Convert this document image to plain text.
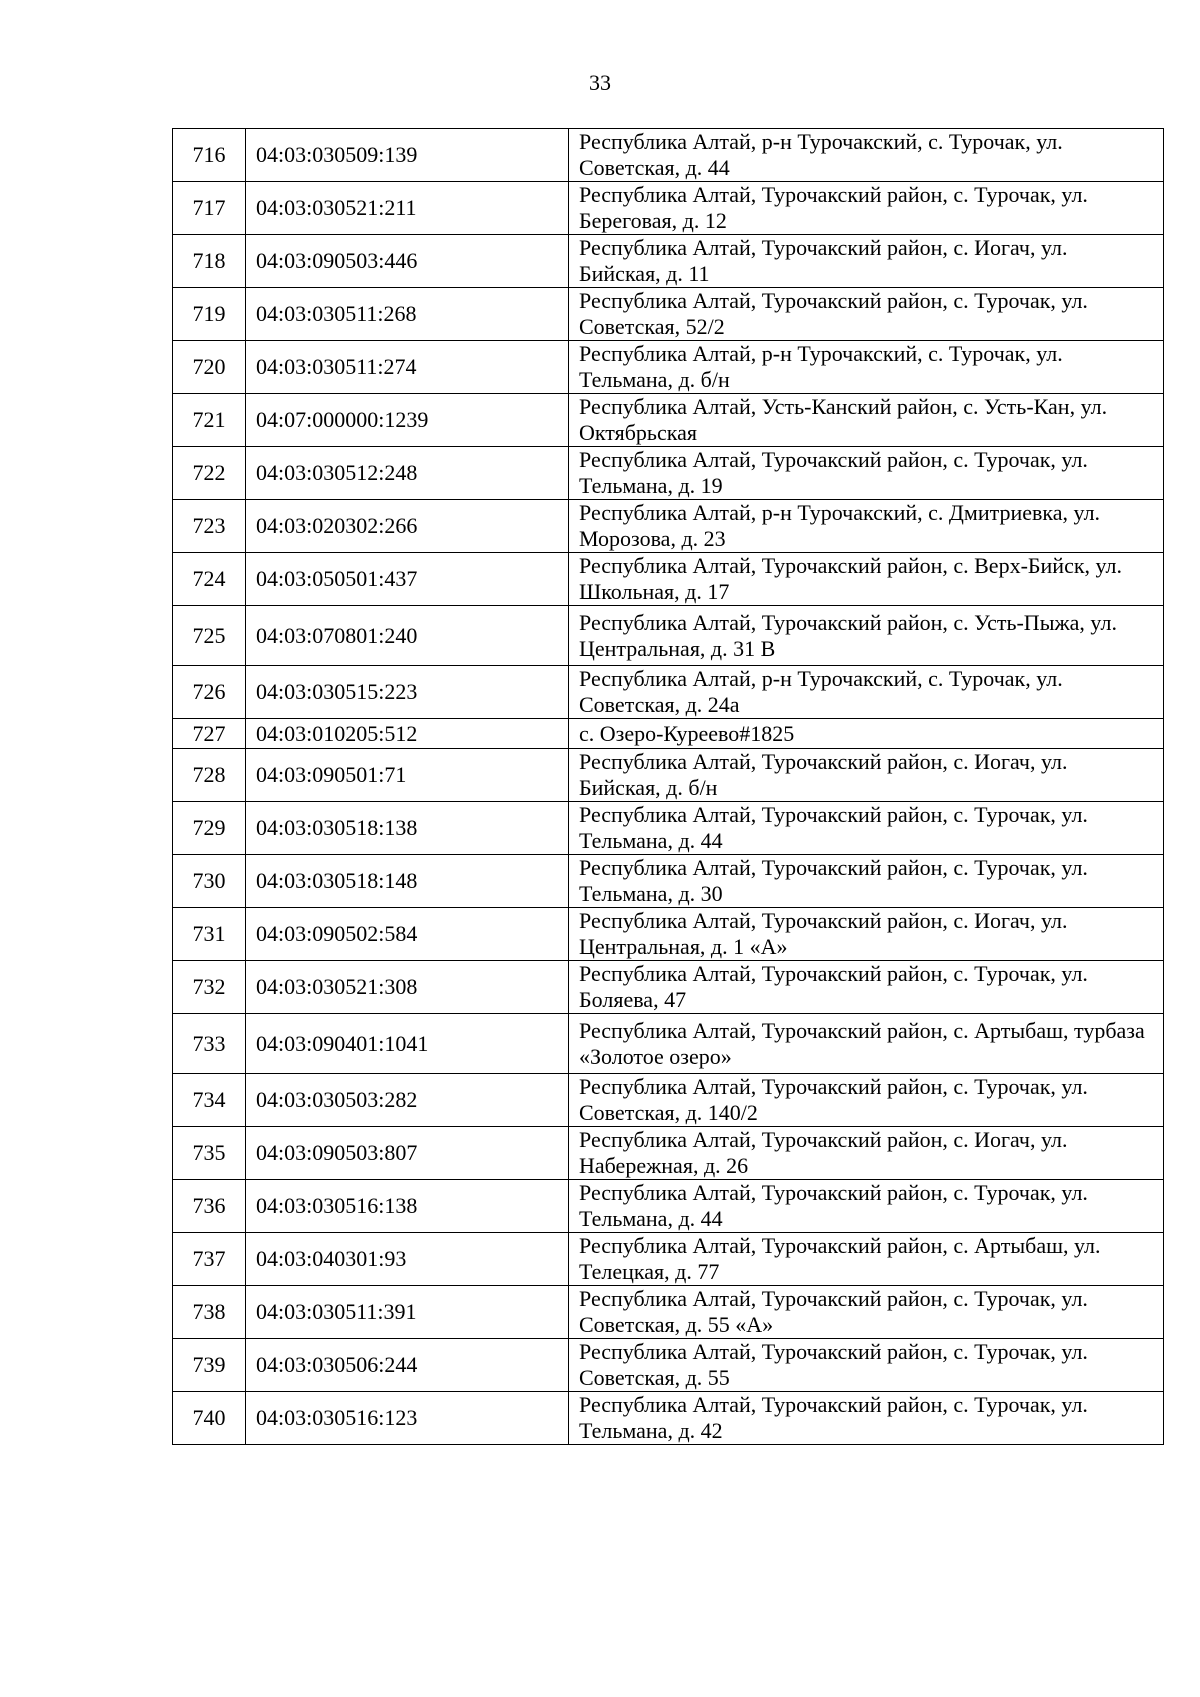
33
716	04:03:030509:139	Республика Алтай, р-н Турочакский, с. Турочак, ул. Советская, д. 44
717	04:03:030521:211	Республика Алтай, Турочакский район, с. Турочак, ул. Береговая, д. 12
718	04:03:090503:446	Республика Алтай, Турочакский район, с. Иогач, ул. Бийская, д. 11
719	04:03:030511:268	Республика Алтай, Турочакский район, с. Турочак, ул. Советская, 52/2
720	04:03:030511:274	Республика Алтай, р-н Турочакский, с. Турочак, ул. Тельмана, д. б/н
721	04:07:000000:1239	Республика Алтай, Усть-Канский район, с. Усть-Кан, ул. Октябрьская
722	04:03:030512:248	Республика Алтай, Турочакский район, с. Турочак, ул. Тельмана, д. 19
723	04:03:020302:266	Республика Алтай, р-н Турочакский, с. Дмитриевка, ул. Морозова, д. 23
724	04:03:050501:437	Республика Алтай, Турочакский район, с. Верх-Бийск, ул. Школьная, д. 17
725	04:03:070801:240	Республика Алтай, Турочакский район, с. Усть-Пыжа, ул. Центральная, д. 31 В
726	04:03:030515:223	Республика Алтай, р-н Турочакский, с. Турочак, ул. Советская, д. 24а
727	04:03:010205:512	с. Озеро-Куреево#1825
728	04:03:090501:71	Республика Алтай, Турочакский район, с. Иогач, ул. Бийская, д. б/н
729	04:03:030518:138	Республика Алтай, Турочакский район, с. Турочак, ул. Тельмана, д. 44
730	04:03:030518:148	Республика Алтай, Турочакский район, с. Турочак, ул. Тельмана, д. 30
731	04:03:090502:584	Республика Алтай, Турочакский район, с. Иогач, ул. Центральная, д. 1 «А»
732	04:03:030521:308	Республика Алтай, Турочакский район, с. Турочак, ул. Боляева, 47
733	04:03:090401:1041	Республика Алтай, Турочакский район, с. Артыбаш, турбаза «Золотое озеро»
734	04:03:030503:282	Республика Алтай, Турочакский район, с. Турочак, ул. Советская, д. 140/2
735	04:03:090503:807	Республика Алтай, Турочакский район, с. Иогач, ул. Набережная, д. 26
736	04:03:030516:138	Республика Алтай, Турочакский район, с. Турочак, ул. Тельмана, д. 44
737	04:03:040301:93	Республика Алтай, Турочакский район, с. Артыбаш, ул. Телецкая, д. 77
738	04:03:030511:391	Республика Алтай, Турочакский район, с. Турочак, ул. Советская, д. 55 «А»
739	04:03:030506:244	Республика Алтай, Турочакский район, с. Турочак, ул. Советская, д. 55
740	04:03:030516:123	Республика Алтай, Турочакский район, с. Турочак, ул. Тельмана, д. 42
